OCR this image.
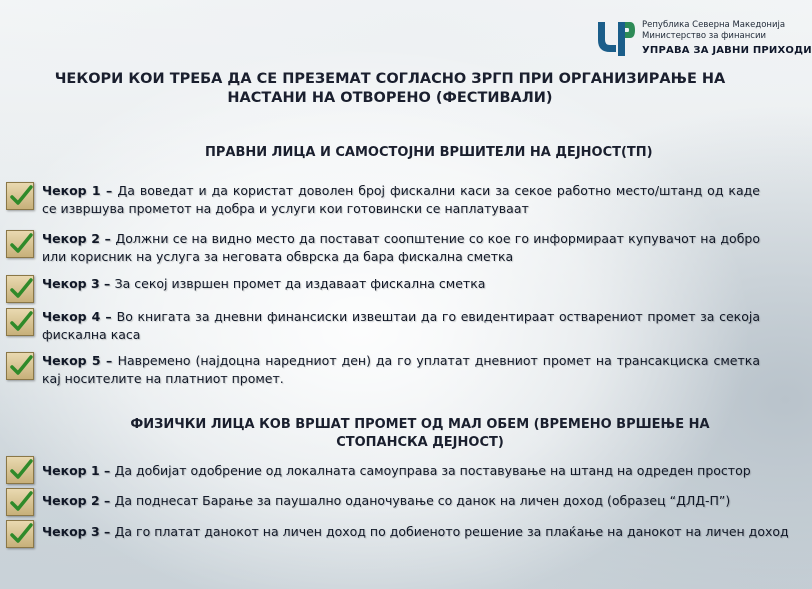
Република Северна Македонија
Министерство за финансии
УПРАВА ЗА ЈАВНИ ПРИХОДИ
ЧЕКОРИ КОИ ТРЕБА ДА СЕ ПРЕЗЕМАТ СОГЛАСНО ЗРГП ПРИ ОРГАНИЗИРАЊЕ НА НАСТАНИ НА ОТВОРЕНО (ФЕСТИВАЛИ)
ПРАВНИ ЛИЦА И САМОСТОЈНИ ВРШИТЕЛИ НА ДЕЈНОСТ(ТП)
Чекор 1 – Да воведат и да користат доволен број фискални каси за секое работно место/штанд од каде се извршува прометот на добра и услуги кои готовински се наплатуваат
Чекор 2 – Должни се на видно место да постават соопштение со кое го информираат купувачот на добро или корисник на услуга за неговата обврска да бара фискална сметка
Чекор 3 – За секој извршен промет да издаваат фискална сметка
Чекор 4 – Во книгата за дневни финансиски извештаи да го евидентираат остварениот промет за секоја фискална каса
Чекор 5 – Навремено (најдоцна наредниот ден) да го уплатат дневниот промет на трансакциска сметка кај носителите на платниот промет.
ФИЗИЧКИ ЛИЦА КОВ ВРШАТ ПРОМЕТ ОД МАЛ ОБЕМ (ВРЕМЕНО ВРШЕЊЕ НА СТОПАНСКА ДЕЈНОСТ)
Чекор 1 – Да добијат одобрение од локалната самоуправа за поставување на штанд на одреден простор
Чекор 2 – Да поднесат Барање за паушално оданочување со данок на личен доход (образец “ДЛД-П”)
Чекор 3 – Да го платат данокот на личен доход по добиеното решение за плаќање на данокот на личен доход
